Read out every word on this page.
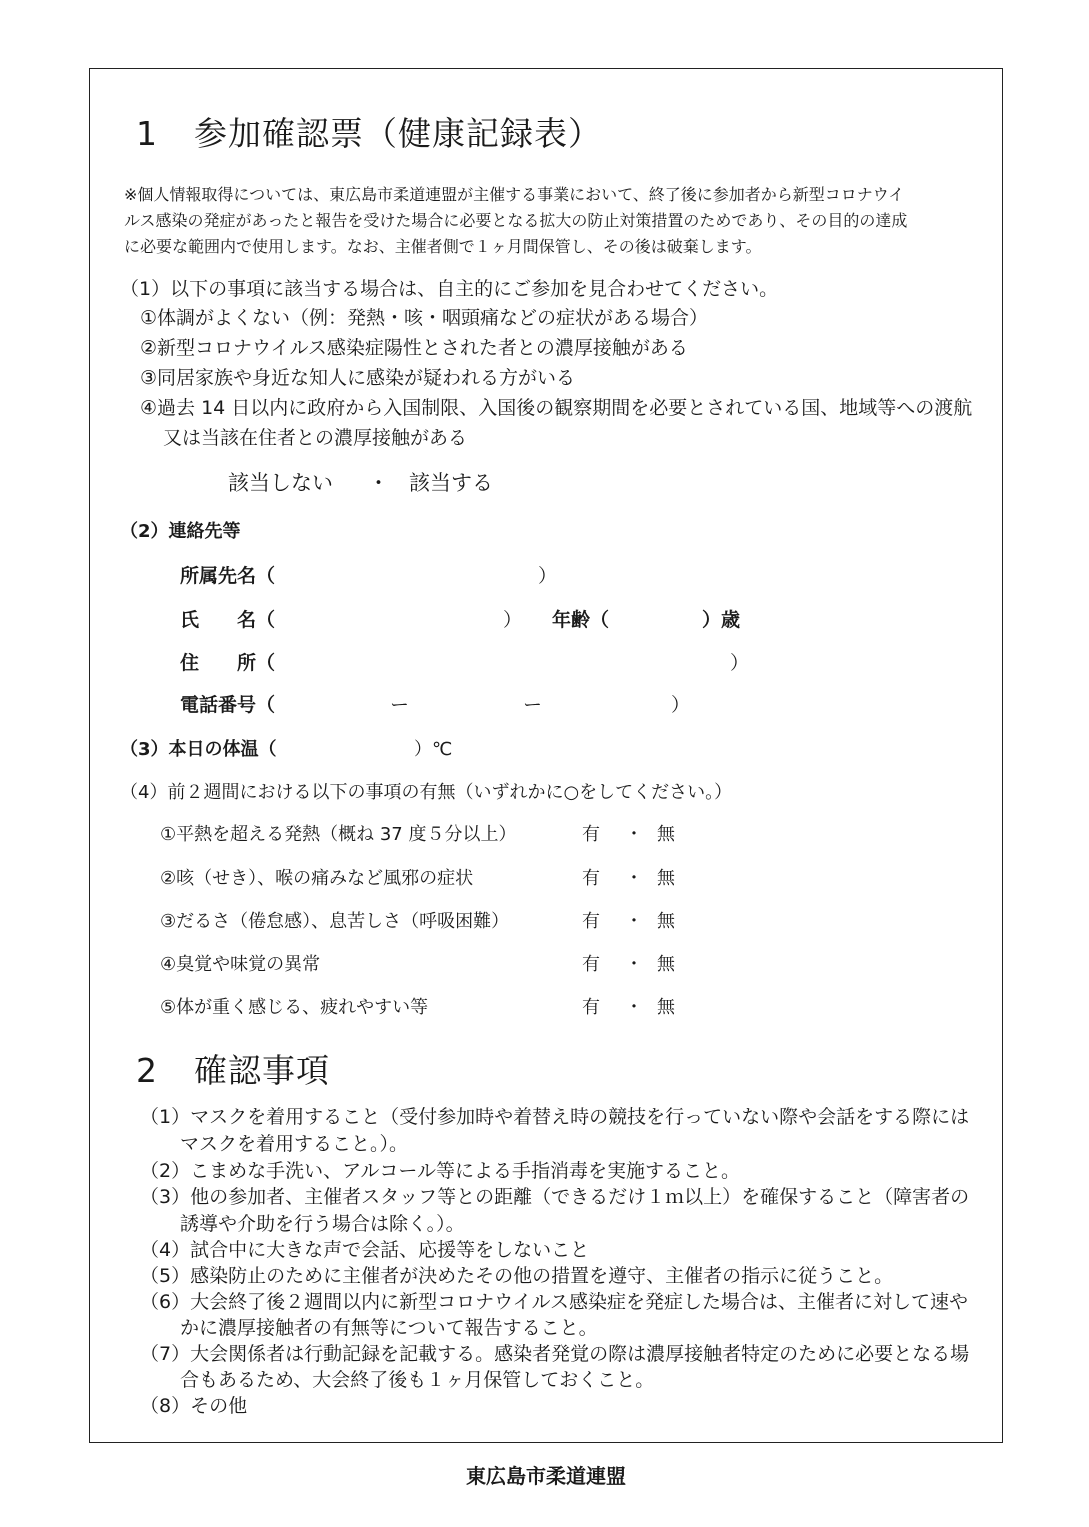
1 参加確認票（健康記録表）
※個人情報取得については、東広島市柔道連盟が主催する事業において、終了後に参加者から新型コロナウイ
ルス感染の発症があったと報告を受けた場合に必要となる拡大の防止対策措置のためであり、その目的の達成
に必要な範囲内で使用します。なお、主催者側で１ヶ月間保管し、その後は破棄します。
（1）以下の事項に該当する場合は、自主的にご参加を見合わせてください。
①体調がよくない（例：発熱・咳・咽頭痛などの症状がある場合）
②新型コロナウイルス感染症陽性とされた者との濃厚接触がある
③同居家族や身近な知人に感染が疑われる方がいる
④過去 14 日以内に政府から入国制限、入国後の観察期間を必要とされている国、地域等への渡航
又は当該在住者との濃厚接触がある
該当しない ・ 該当する
（2）連絡先等
所属先名（	）
氏　　名（	） 年齢（	）歳
住　　所（	）
電話番号（	ー	ー	）
（3）本日の体温（	）℃
（4）前２週間における以下の事項の有無（いずれかに○をしてください。）
①平熱を超える発熱（概ね 37 度５分以上）	有 ・ 無
②咳（せき）、喉の痛みなど風邪の症状	有 ・ 無
③だるさ（倦怠感）、息苦しさ（呼吸困難）	有 ・ 無
④臭覚や味覚の異常	有 ・ 無
⑤体が重く感じる、疲れやすい等	有 ・ 無
2 確認事項
（1）マスクを着用すること（受付参加時や着替え時の競技を行っていない際や会話をする際には
マスクを着用すること。）。
（2）こまめな手洗い、アルコール等による手指消毒を実施すること。
（3）他の参加者、主催者スタッフ等との距離（できるだけ１ｍ以上）を確保すること（障害者の
誘導や介助を行う場合は除く。）。
（4）試合中に大きな声で会話、応援等をしないこと
（5）感染防止のために主催者が決めたその他の措置を遵守、主催者の指示に従うこと。
（6）大会終了後２週間以内に新型コロナウイルス感染症を発症した場合は、主催者に対して速や
かに濃厚接触者の有無等について報告すること。
（7）大会関係者は行動記録を記載する。感染者発覚の際は濃厚接触者特定のために必要となる場
合もあるため、大会終了後も１ヶ月保管しておくこと。
（8）その他
東広島市柔道連盟
